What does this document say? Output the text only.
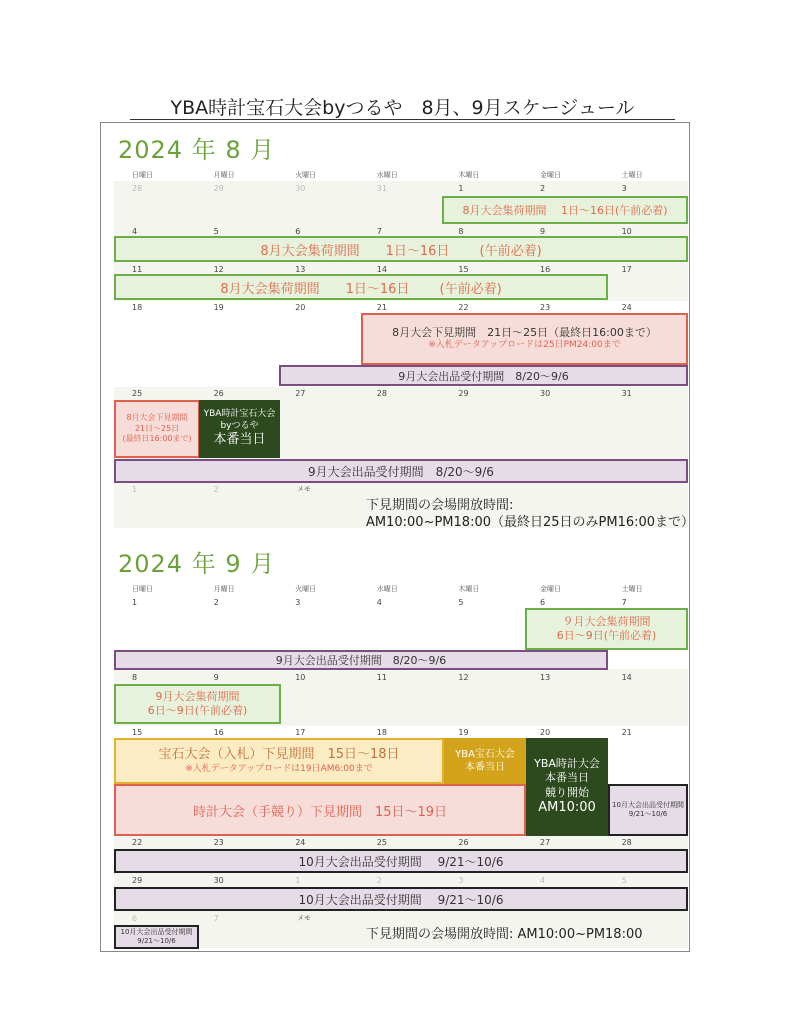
YBA時計宝石大会byつるや　8月、9月スケージュール
2024 年 8 月
日曜日	月曜日	火曜日	水曜日	木曜日	金曜日	土曜日
28	29	30	31	1	2	3
4	5	6	7	8	9	10
11	12	13	14	15	16	17
18	19	20	21	22	23	24
25	26	27	28	29	30	31
1	2
8月大会集荷期間　 1日〜16日(午前必着)
8月大会集荷期間　　1日〜16日　　 (午前必着)
8月大会集荷期間　　1日〜16日　　 (午前必着)
8月大会下見期間　21日〜25日（最終日16:00まで）
※入札データアップロードは25日PM24:00まで
9月大会出品受付期間　8/20〜9/6
8月大会下見期間
21日〜25日
(最終日16:00まで)
YBA時計宝石大会
byつるや
本番当日
9月大会出品受付期間　8/20〜9/6
メモ
下見期間の会場開放時間:
AM10:00~PM18:00（最終日25日のみPM16:00まで）
2024 年 9 月
日曜日	月曜日	火曜日	水曜日	木曜日	金曜日	土曜日
1	2	3	4	5	6	7
8	9	10	11	12	13	14
15	16	17	18	19	20	21
22	23	24	25	26	27	28
29	30	1	2	3	4	5
6	7
９月大会集荷期間
6日〜9日(午前必着)
9月大会出品受付期間　8/20〜9/6
9月大会集荷期間
6日〜9日(午前必着)
宝石大会（入札）下見期間　15日〜18日
※入札データアップロードは19日AM6:00まで
YBA宝石大会
本番当日	YBA時計大会
本番当日
競り開始
AM10:00
時計大会（手競り）下見期間　15日〜19日	10月大会出品受付期間
9/21〜10/6
10月大会出品受付期間　 9/21〜10/6
10月大会出品受付期間　 9/21〜10/6
10月大会出品受付期間
9/21〜10/6
メモ
下見期間の会場開放時間: AM10:00~PM18:00
